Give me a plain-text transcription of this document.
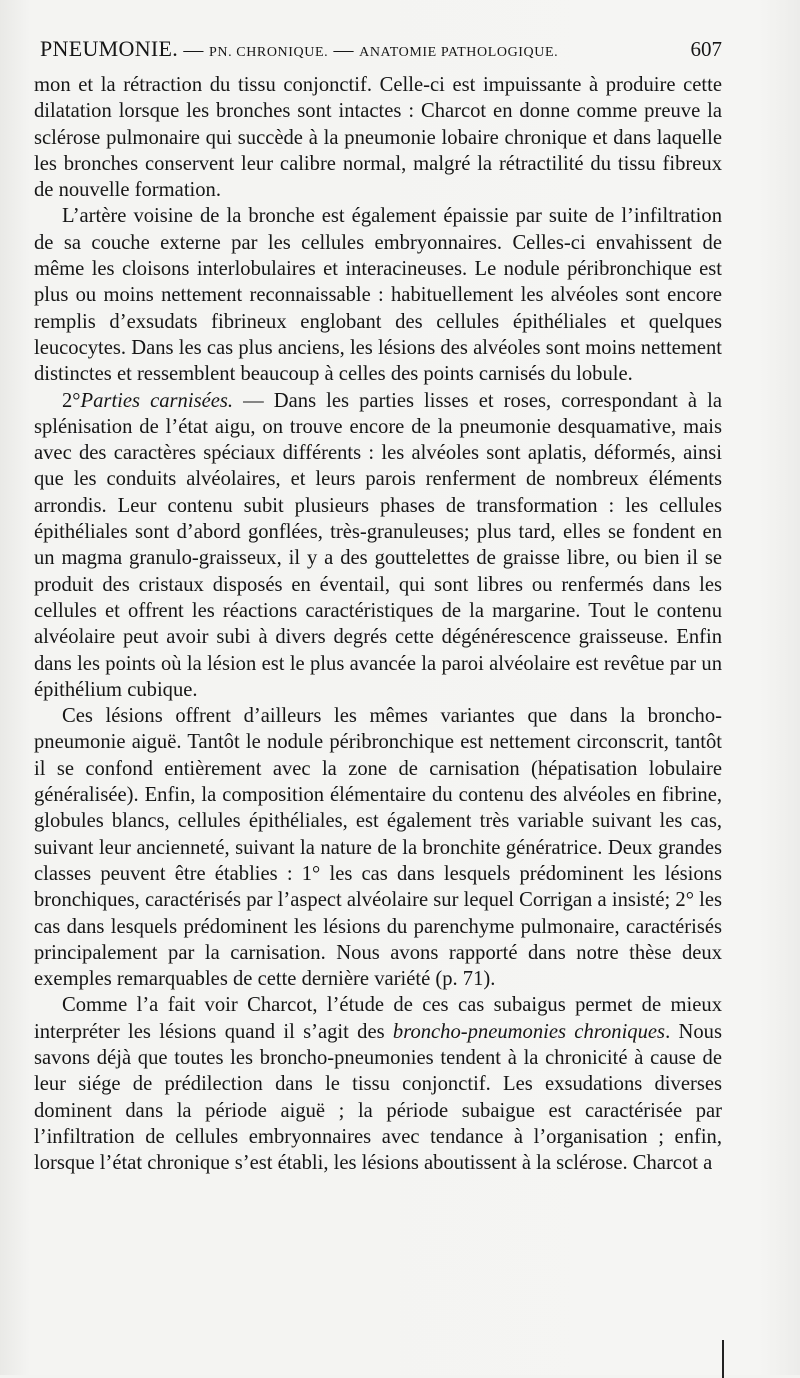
PNEUMONIE. — PN. CHRONIQUE. — ANATOMIE PATHOLOGIQUE.	607

mon et la rétraction du tissu conjonctif. Celle-ci est impuissante à produire cette dilatation lorsque les bronches sont intactes : Charcot en donne comme preuve la sclérose pulmonaire qui succède à la pneumonie lobaire chronique et dans laquelle les bronches conservent leur calibre normal, malgré la rétractilité du tissu fibreux de nouvelle formation.

L’artère voisine de la bronche est également épaissie par suite de l’infiltration de sa couche externe par les cellules embryonnaires. Celles-ci envahissent de même les cloisons interlobulaires et interacineuses. Le nodule péribronchique est plus ou moins nettement reconnaissable : habituellement les alvéoles sont encore remplis d’exsudats fibrineux englobant des cellules épithéliales et quelques leucocytes. Dans les cas plus anciens, les lésions des alvéoles sont moins nettement distinctes et ressemblent beaucoup à celles des points carnisés du lobule.

2°Parties carnisées. — Dans les parties lisses et roses, correspondant à la splénisation de l’état aigu, on trouve encore de la pneumonie desquamative, mais avec des caractères spéciaux différents : les alvéoles sont aplatis, déformés, ainsi que les conduits alvéolaires, et leurs parois renferment de nombreux éléments arrondis. Leur contenu subit plusieurs phases de transformation : les cellules épithéliales sont d’abord gonflées, très-granuleuses; plus tard, elles se fondent en un magma granulo-graisseux, il y a des gouttelettes de graisse libre, ou bien il se produit des cristaux disposés en éventail, qui sont libres ou renfermés dans les cellules et offrent les réactions caractéristiques de la margarine. Tout le contenu alvéolaire peut avoir subi à divers degrés cette dégénérescence graisseuse. Enfin dans les points où la lésion est le plus avancée la paroi alvéolaire est revêtue par un épithélium cubique.

Ces lésions offrent d’ailleurs les mêmes variantes que dans la broncho-pneumonie aiguë. Tantôt le nodule péribronchique est nettement circonscrit, tantôt il se confond entièrement avec la zone de carnisation (hépatisation lobulaire généralisée). Enfin, la composition élémentaire du contenu des alvéoles en fibrine, globules blancs, cellules épithéliales, est également très variable suivant les cas, suivant leur ancienneté, suivant la nature de la bronchite génératrice. Deux grandes classes peuvent être établies : 1° les cas dans lesquels prédominent les lésions bronchiques, caractérisés par l’aspect alvéolaire sur lequel Corrigan a insisté; 2° les cas dans lesquels prédominent les lésions du parenchyme pulmonaire, caractérisés principalement par la carnisation. Nous avons rapporté dans notre thèse deux exemples remarquables de cette dernière variété (p. 71).

Comme l’a fait voir Charcot, l’étude de ces cas subaigus permet de mieux interpréter les lésions quand il s’agit des broncho-pneumonies chroniques. Nous savons déjà que toutes les broncho-pneumonies tendent à la chronicité à cause de leur siége de prédilection dans le tissu conjonctif. Les exsudations diverses dominent dans la période aiguë ; la période subaigue est caractérisée par l’infiltration de cellules embryonnaires avec tendance à l’organisation ; enfin, lorsque l’état chronique s’est établi, les lésions aboutissent à la sclérose. Charcot a
